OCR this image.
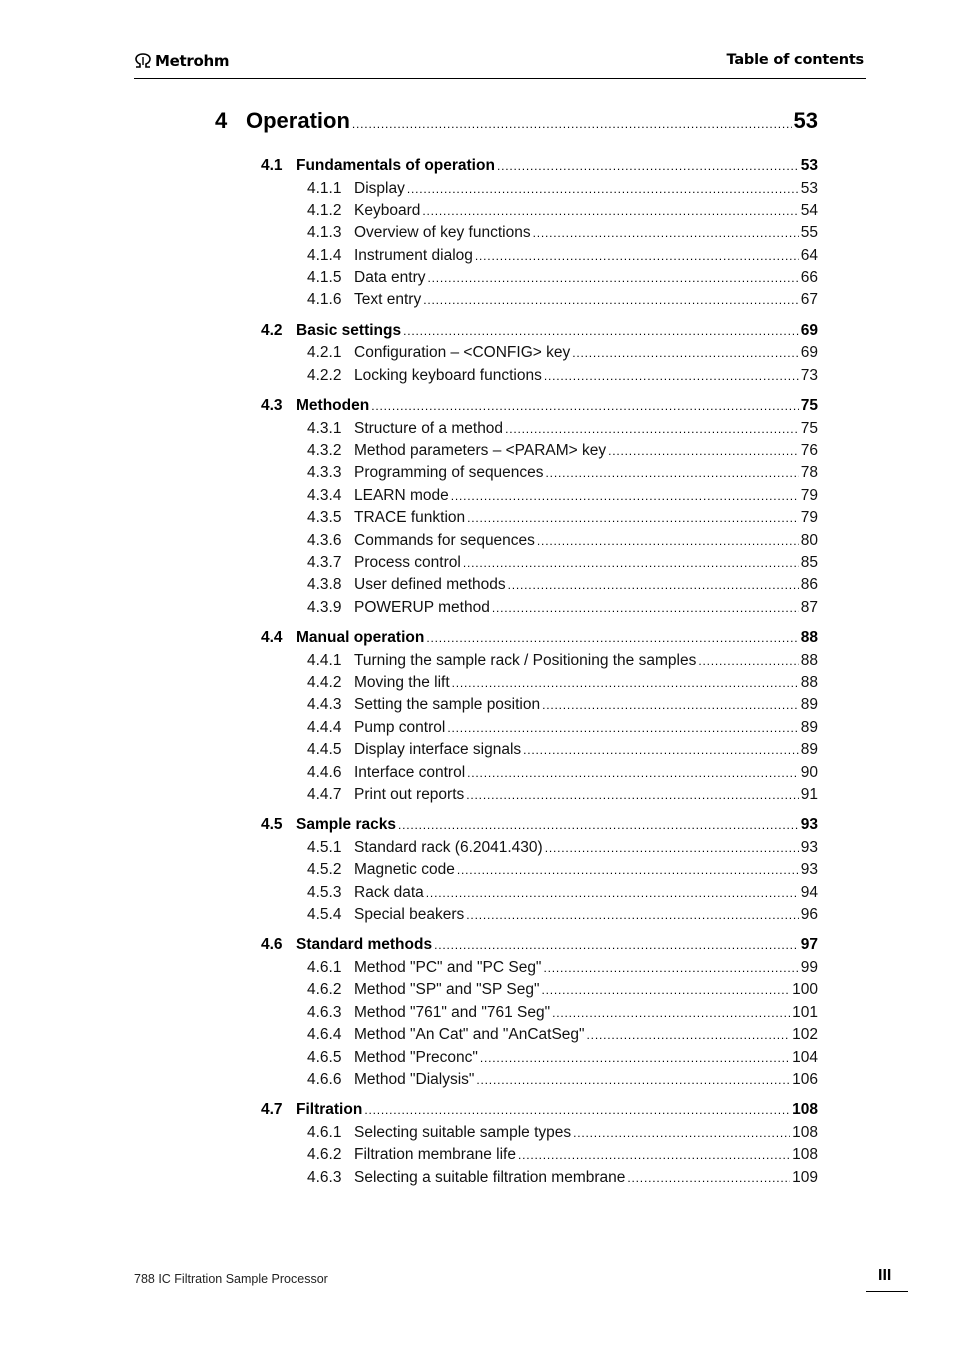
Metrohm	Table of contents
4 Operation .....	53
4.1 Fundamentals of operation .....	53
4.1.1 Display .....	53
4.1.2 Keyboard .....	54
4.1.3 Overview of key functions .....	55
4.1.4 Instrument dialog .....	64
4.1.5 Data entry .....	66
4.1.6 Text entry .....	67
4.2 Basic settings .....	69
4.2.1 Configuration – <CONFIG> key .....	69
4.2.2 Locking keyboard functions .....	73
4.3 Methoden .....	75
4.3.1 Structure of a method .....	75
4.3.2 Method parameters – <PARAM> key .....	76
4.3.3 Programming of sequences .....	78
4.3.4 LEARN mode .....	79
4.3.5 TRACE funktion .....	79
4.3.6 Commands for sequences .....	80
4.3.7 Process control .....	85
4.3.8 User defined methods .....	86
4.3.9 POWERUP method .....	87
4.4 Manual operation .....	88
4.4.1 Turning the sample rack / Positioning the samples .....	88
4.4.2 Moving the lift .....	88
4.4.3 Setting the sample position .....	89
4.4.4 Pump control .....	89
4.4.5 Display interface signals .....	89
4.4.6 Interface control .....	90
4.4.7 Print out reports .....	91
4.5 Sample racks .....	93
4.5.1 Standard rack (6.2041.430) .....	93
4.5.2 Magnetic code .....	93
4.5.3 Rack data .....	94
4.5.4 Special beakers .....	96
4.6 Standard methods .....	97
4.6.1 Method "PC" and "PC Seg" .....	99
4.6.2 Method "SP" and "SP Seg" .....	100
4.6.3 Method "761" and "761 Seg" .....	101
4.6.4 Method "An Cat" and "AnCatSeg" .....	102
4.6.5 Method "Preconc" .....	104
4.6.6 Method "Dialysis" .....	106
4.7 Filtration .....	108
4.6.1 Selecting suitable sample types .....	108
4.6.2 Filtration membrane life .....	108
4.6.3 Selecting a suitable filtration membrane .....	109
788 IC Filtration Sample Processor	III
